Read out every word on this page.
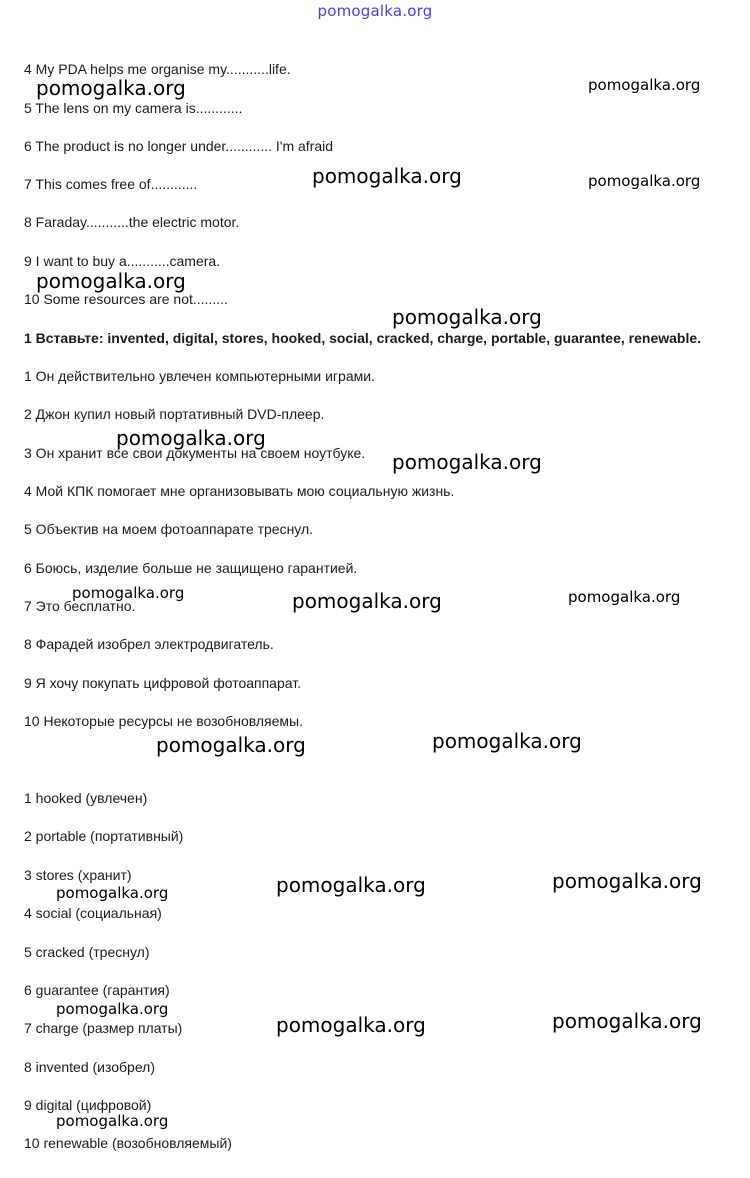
pomogalka.org
4 My PDA helps me organise my...........life.
5 The lens on my camera is............
6 The product is no longer under............ I'm afraid
7 This comes free of............
8 Faraday...........the electric motor.
9 I want to buy a...........camera.
10 Some resources are not.........
1 Вставьте: invented, digital, stores, hooked, social, cracked, charge, portable, guarantee, renewable.
1 Он действительно увлечен компьютерными играми.
2 Джон купил новый портативный DVD-плеер.
3 Он хранит все свои документы на своем ноутбуке.
4 Мой КПК помогает мне организовывать мою социальную жизнь.
5 Объектив на моем фотоаппарате треснул.
6 Боюсь, изделие больше не защищено гарантией.
7 Это бесплатно.
8 Фарадей изобрел электродвигатель.
9 Я хочу покупать цифровой фотоаппарат.
10 Некоторые ресурсы не возобновляемы.
1 hooked (увлечен)
2 portable (портативный)
3 stores (хранит)
4 social (социальная)
5 cracked (треснул)
6 guarantee (гарантия)
7 charge (размер платы)
8 invented (изобрел)
9 digital (цифровой)
10 renewable (возобновляемый)
pomogalka.org	pomogalka.org
pomogalka.org	pomogalka.org
pomogalka.org
pomogalka.org
pomogalka.org
pomogalka.org
pomogalka.org	pomogalka.org	pomogalka.org
pomogalka.org	pomogalka.org
pomogalka.org	pomogalka.org	pomogalka.org
pomogalka.org
pomogalka.org	pomogalka.org
pomogalka.org
